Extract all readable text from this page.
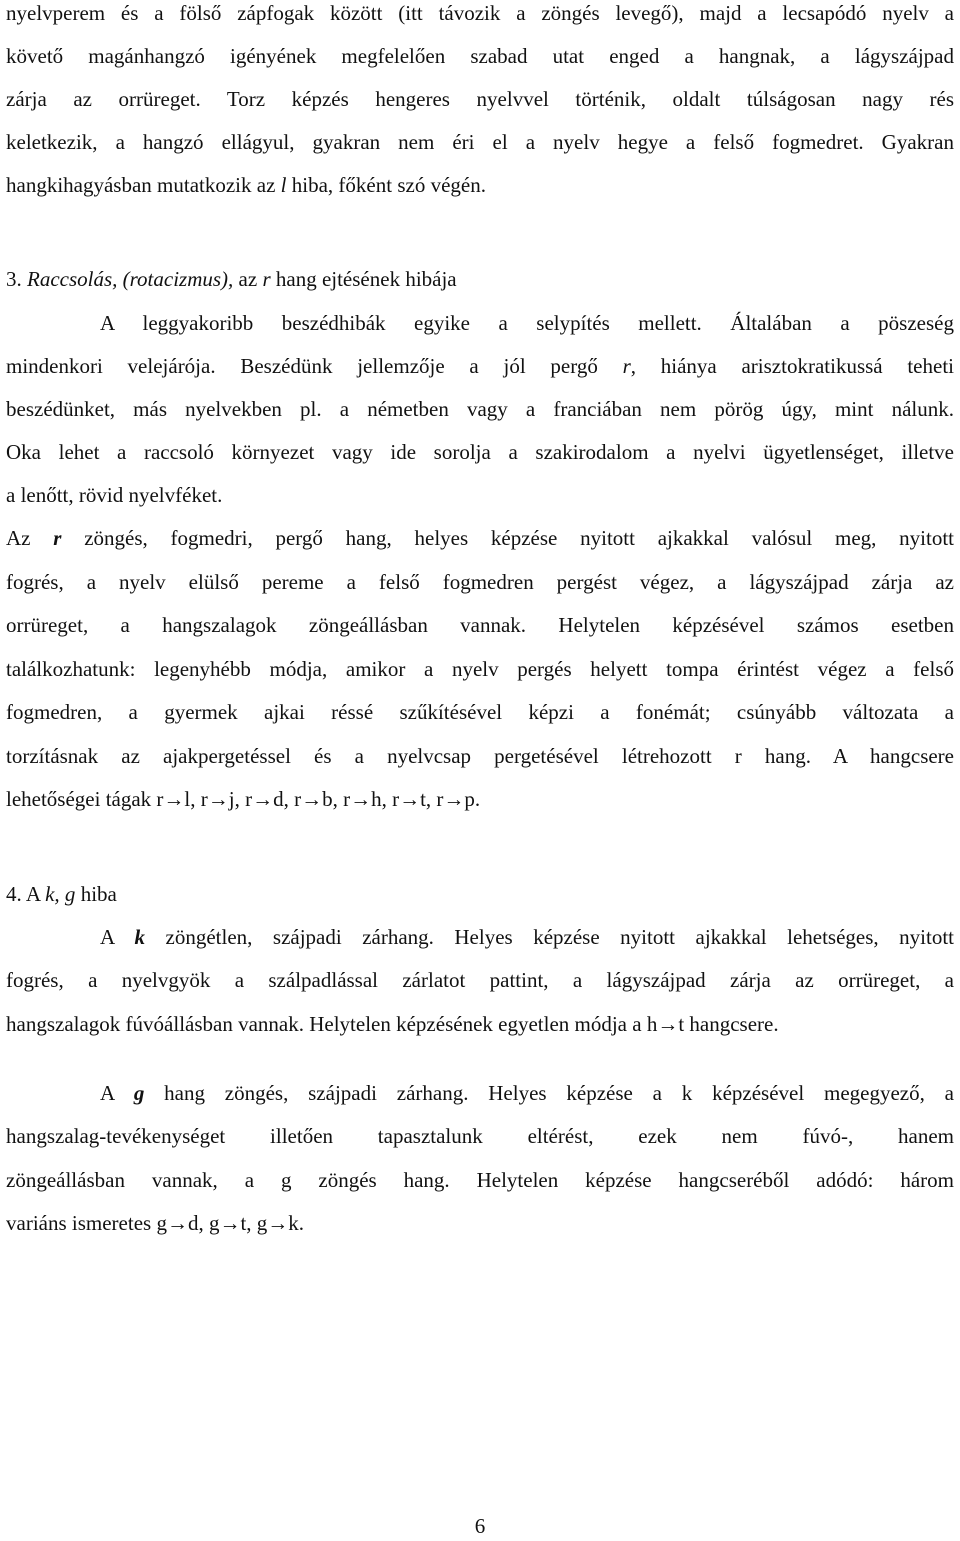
nyelvperem és a fölső zápfogak között (itt távozik a zöngés levegő), majd a lecsapódó nyelv a
követő magánhangzó igényének megfelelően szabad utat enged a hangnak, a lágyszájpad
zárja az orrüreget. Torz képzés hengeres nyelvvel történik, oldalt túlságosan nagy rés
keletkezik, a hangzó ellágyul, gyakran nem éri el a nyelv hegye a felső fogmedret. Gyakran
hangkihagyásban mutatkozik az l hiba, főként szó végén.
3. Raccsolás, (rotacizmus), az r hang ejtésének hibája
A leggyakoribb beszédhibák egyike a selypítés mellett. Általában a pöszeség
mindenkori velejárója. Beszédünk jellemzője a jól pergő r, hiánya arisztokratikussá teheti
beszédünket, más nyelvekben pl. a németben vagy a franciában nem pörög úgy, mint nálunk.
Oka lehet a raccsoló környezet vagy ide sorolja a szakirodalom a nyelvi ügyetlenséget, illetve
a lenőtt, rövid nyelvféket.
Az r zöngés, fogmedri, pergő hang, helyes képzése nyitott ajkakkal valósul meg, nyitott
fogrés, a nyelv elülső pereme a felső fogmedren pergést végez, a lágyszájpad zárja az
orrüreget, a hangszalagok zöngeállásban vannak. Helytelen képzésével számos esetben
találkozhatunk: legenyhébb módja, amikor a nyelv pergés helyett tompa érintést végez a felső
fogmedren, a gyermek ajkai réssé szűkítésével képzi a fonémát; csúnyább változata a
torzításnak az ajakpergetéssel és a nyelvcsap pergetésével létrehozott r hang. A hangcsere
lehetőségei tágak r→l, r→j, r→d, r→b, r→h, r→t, r→p.
4. A k, g hiba
A k zöngétlen, szájpadi zárhang. Helyes képzése nyitott ajkakkal lehetséges, nyitott
fogrés, a nyelvgyök a szálpadlással zárlatot pattint, a lágyszájpad zárja az orrüreget, a
hangszalagok fúvóállásban vannak. Helytelen képzésének egyetlen módja a h→t hangcsere.
A g hang zöngés, szájpadi zárhang. Helyes képzése a k képzésével megegyező, a
hangszalag-tevékenységet illetően tapasztalunk eltérést, ezek nem fúvó-, hanem
zöngeállásban vannak, a g zöngés hang. Helytelen képzése hangcseréből adódó: három
variáns ismeretes g→d, g→t, g→k.
6
